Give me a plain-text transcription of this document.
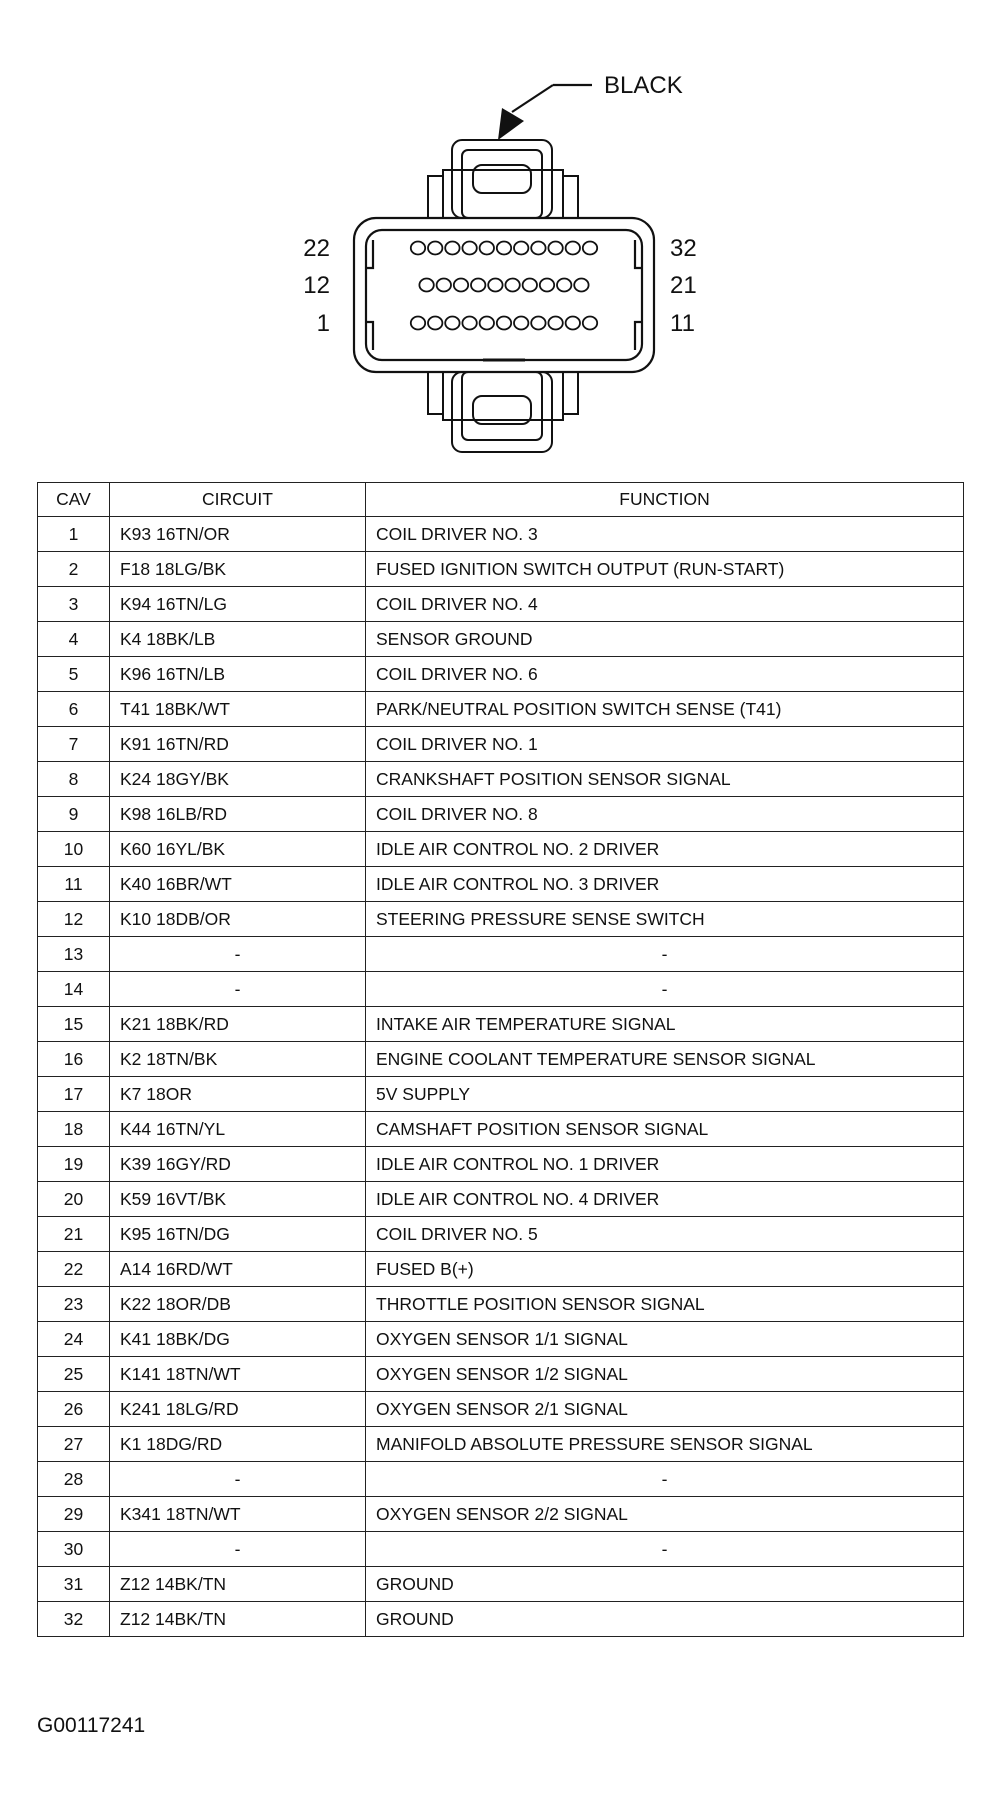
BLACK
22
12
1
32
21
11
CAV	CIRCUIT	FUNCTION
1	K93 16TN/OR	COIL DRIVER NO. 3
2	F18 18LG/BK	FUSED IGNITION SWITCH OUTPUT (RUN-START)
3	K94 16TN/LG	COIL DRIVER NO. 4
4	K4 18BK/LB	SENSOR GROUND
5	K96 16TN/LB	COIL DRIVER NO. 6
6	T41 18BK/WT	PARK/NEUTRAL POSITION SWITCH SENSE (T41)
7	K91 16TN/RD	COIL DRIVER NO. 1
8	K24 18GY/BK	CRANKSHAFT POSITION SENSOR SIGNAL
9	K98 16LB/RD	COIL DRIVER NO. 8
10	K60 16YL/BK	IDLE AIR CONTROL NO. 2 DRIVER
11	K40 16BR/WT	IDLE AIR CONTROL NO. 3 DRIVER
12	K10 18DB/OR	STEERING PRESSURE SENSE SWITCH
13	-	-
14	-	-
15	K21 18BK/RD	INTAKE AIR TEMPERATURE SIGNAL
16	K2 18TN/BK	ENGINE COOLANT TEMPERATURE SENSOR SIGNAL
17	K7 18OR	5V SUPPLY
18	K44 16TN/YL	CAMSHAFT POSITION SENSOR SIGNAL
19	K39 16GY/RD	IDLE AIR CONTROL NO. 1 DRIVER
20	K59 16VT/BK	IDLE AIR CONTROL NO. 4 DRIVER
21	K95 16TN/DG	COIL DRIVER NO. 5
22	A14 16RD/WT	FUSED B(+)
23	K22 18OR/DB	THROTTLE POSITION SENSOR SIGNAL
24	K41 18BK/DG	OXYGEN SENSOR 1/1 SIGNAL
25	K141 18TN/WT	OXYGEN SENSOR 1/2 SIGNAL
26	K241 18LG/RD	OXYGEN SENSOR 2/1 SIGNAL
27	K1 18DG/RD	MANIFOLD ABSOLUTE PRESSURE SENSOR SIGNAL
28	-	-
29	K341 18TN/WT	OXYGEN SENSOR 2/2 SIGNAL
30	-	-
31	Z12 14BK/TN	GROUND
32	Z12 14BK/TN	GROUND
G00117241
